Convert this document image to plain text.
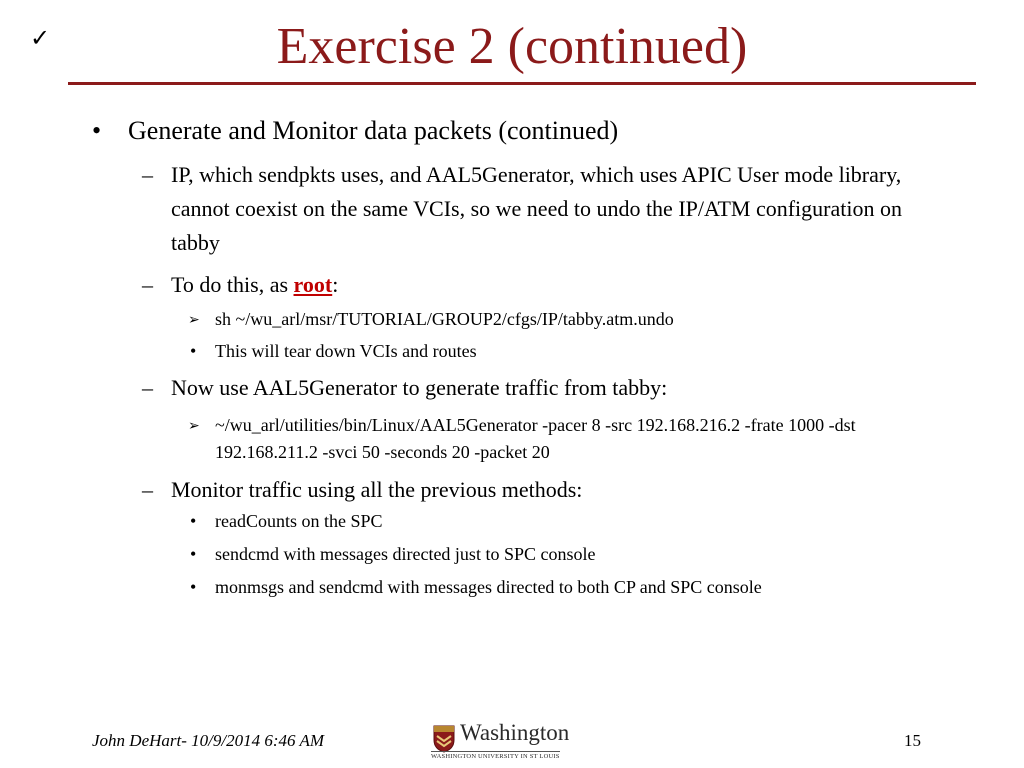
✓	Exercise 2 (continued)
• Generate and Monitor data packets (continued)
– IP, which sendpkts uses, and AAL5Generator, which uses APIC User mode library, cannot coexist on the same VCIs, so we need to undo the IP/ATM configuration on tabby
– To do this, as root:
➢ sh ~/wu_arl/msr/TUTORIAL/GROUP2/cfgs/IP/tabby.atm.undo
• This will tear down VCIs and routes
– Now use AAL5Generator to generate traffic from tabby:
➢ ~/wu_arl/utilities/bin/Linux/AAL5Generator -pacer 8 -src 192.168.216.2 -frate 1000 -dst 192.168.211.2 -svci 50 -seconds 20 -packet 20
– Monitor traffic using all the previous methods:
• readCounts on the SPC
• sendcmd with messages directed just to SPC console
• monmsgs and sendcmd with messages directed to both CP and SPC console
John DeHart- 10/9/2014 6:46 AM	Washington
WASHINGTON UNIVERSITY IN ST LOUIS
15
